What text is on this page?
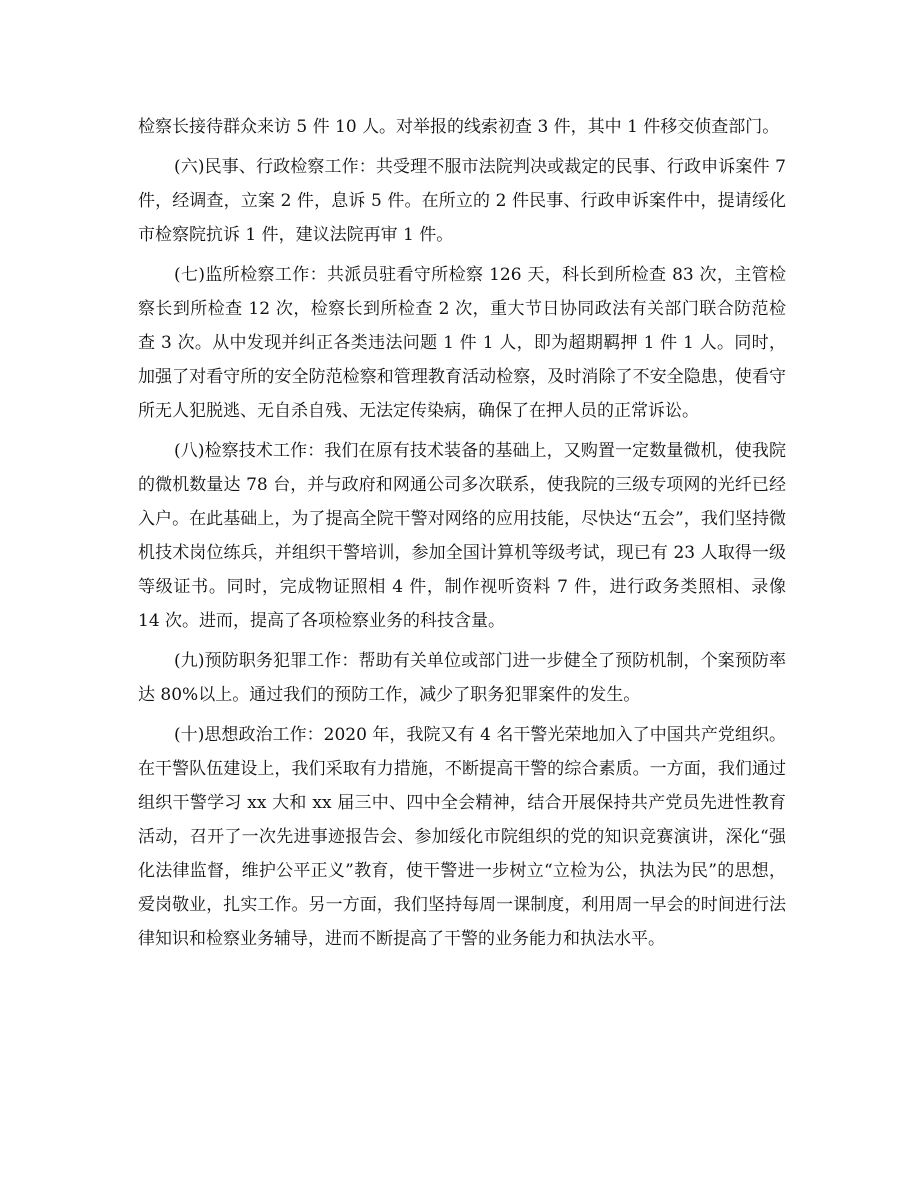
检察长接待群众来访 5 件 10 人。对举报的线索初查 3 件，其中 1 件移交侦查部门。

(六)民事、行政检察工作：共受理不服市法院判决或裁定的民事、行政申诉案件 7 件，经调查，立案 2 件，息诉 5 件。在所立的 2 件民事、行政申诉案件中，提请绥化市检察院抗诉 1 件，建议法院再审 1 件。

(七)监所检察工作：共派员驻看守所检察 126 天，科长到所检查 83 次，主管检察长到所检查 12 次，检察长到所检查 2 次，重大节日协同政法有关部门联合防范检查 3 次。从中发现并纠正各类违法问题 1 件 1 人，即为超期羁押 1 件 1 人。同时，加强了对看守所的安全防范检察和管理教育活动检察，及时消除了不安全隐患，使看守所无人犯脱逃、无自杀自残、无法定传染病，确保了在押人员的正常诉讼。

(八)检察技术工作：我们在原有技术装备的基础上，又购置一定数量微机，使我院的微机数量达 78 台，并与政府和网通公司多次联系，使我院的三级专项网的光纤已经入户。在此基础上，为了提高全院干警对网络的应用技能，尽快达“五会”，我们坚持微机技术岗位练兵，并组织干警培训，参加全国计算机等级考试，现已有 23 人取得一级等级证书。同时，完成物证照相 4 件，制作视听资料 7 件，进行政务类照相、录像 14 次。进而，提高了各项检察业务的科技含量。

(九)预防职务犯罪工作：帮助有关单位或部门进一步健全了预防机制，个案预防率达 80%以上。通过我们的预防工作，减少了职务犯罪案件的发生。

(十)思想政治工作：2020 年，我院又有 4 名干警光荣地加入了中国共产党组织。在干警队伍建设上，我们采取有力措施，不断提高干警的综合素质。一方面，我们通过组织干警学习 xx 大和 xx 届三中、四中全会精神，结合开展保持共产党员先进性教育活动，召开了一次先进事迹报告会、参加绥化市院组织的党的知识竞赛演讲，深化“强化法律监督，维护公平正义”教育，使干警进一步树立“立检为公，执法为民”的思想，爱岗敬业，扎实工作。另一方面，我们坚持每周一课制度，利用周一早会的时间进行法律知识和检察业务辅导，进而不断提高了干警的业务能力和执法水平。
